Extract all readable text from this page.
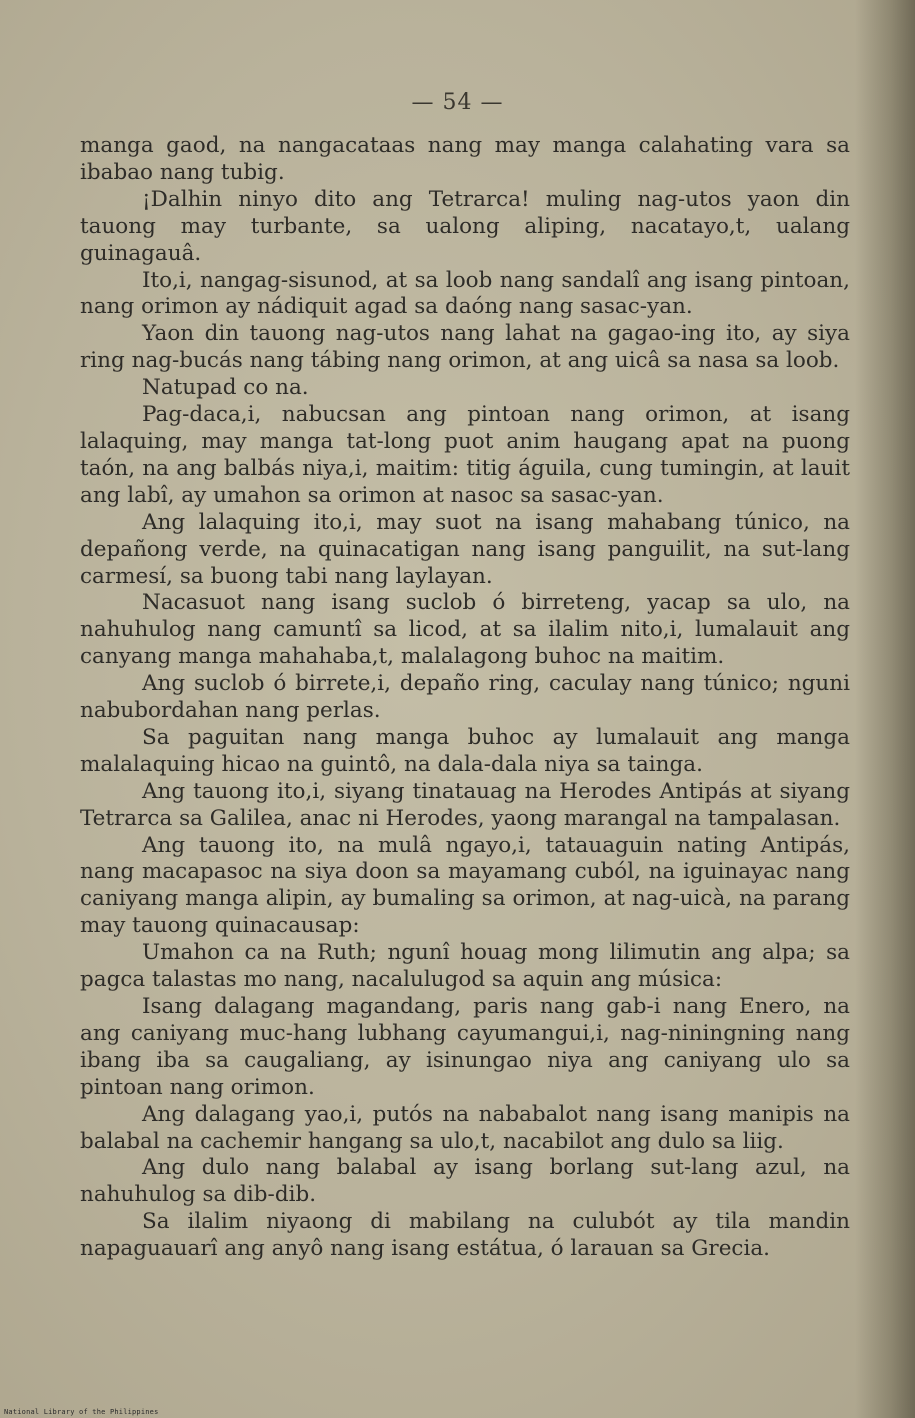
— 54 —

manga gaod, na nangacataas nang may manga calahating vara sa ibabao nang tubig.

¡Dalhin ninyo dito ang Tetrarca! muling nag-utos yaon din tauong may turbante, sa ualong aliping, nacatayo,t, ualang guinagauâ.

Ito,i, nangag-sisunod, at sa loob nang sandalî ang isang pintoan, nang orimon ay nádiquit agad sa daóng nang sasac-yan.

Yaon din tauong nag-utos nang lahat na gagao-ing ito, ay siya ring nag-bucás nang tábing nang orimon, at ang uicâ sa nasa sa loob.

Natupad co na.

Pag-daca,i, nabucsan ang pintoan nang orimon, at isang lalaquing, may manga tat-long puot anim haugang apat na puong taón, na ang balbás niya,i, maitim: titig águila, cung tumingin, at lauit ang labî, ay umahon sa orimon at nasoc sa sasac-yan.

Ang lalaquing ito,i, may suot na isang mahabang túnico, na depañong verde, na quinacatigan nang isang panguilit, na sut-lang carmesí, sa buong tabi nang laylayan.

Nacasuot nang isang suclob ó birreteng, yacap sa ulo, na nahuhulog nang camuntî sa licod, at sa ilalim nito,i, lumalauit ang canyang manga mahahaba,t, malalagong buhoc na maitim.

Ang suclob ó birrete,i, depaño ring, caculay nang túnico; nguni nabubordahan nang perlas.

Sa paguitan nang manga buhoc ay lumalauit ang manga malalaquing hicao na guintô, na dala-dala niya sa tainga.

Ang tauong ito,i, siyang tinatauag na Herodes Antipás at siyang Tetrarca sa Galilea, anac ni Herodes, yaong marangal na tampalasan.

Ang tauong ito, na mulâ ngayo,i, tatauaguin nating Antipás, nang macapasoc na siya doon sa mayamang cuból, na iguinayac nang caniyang manga alipin, ay bumaling sa orimon, at nag-uicà, na parang may tauong quinacausap:

Umahon ca na Ruth; ngunî houag mong lilimutin ang alpa; sa pagca talastas mo nang, nacalulugod sa aquin ang música:

Isang dalagang magandang, paris nang gab-i nang Enero, na ang caniyang muc-hang lubhang cayumangui,i, nag-niningning nang ibang iba sa caugaliang, ay isinungao niya ang caniyang ulo sa pintoan nang orimon.

Ang dalagang yao,i, putós na nababalot nang isang manipis na balabal na cachemir hangang sa ulo,t, nacabilot ang dulo sa liig.

Ang dulo nang balabal ay isang borlang sut-lang azul, na nahuhulog sa dib-dib.

Sa ilalim niyaong di mabilang na culubót ay tila mandin napaguauarî ang anyô nang isang estátua, ó larauan sa Grecia.

National Library of the Philippines
